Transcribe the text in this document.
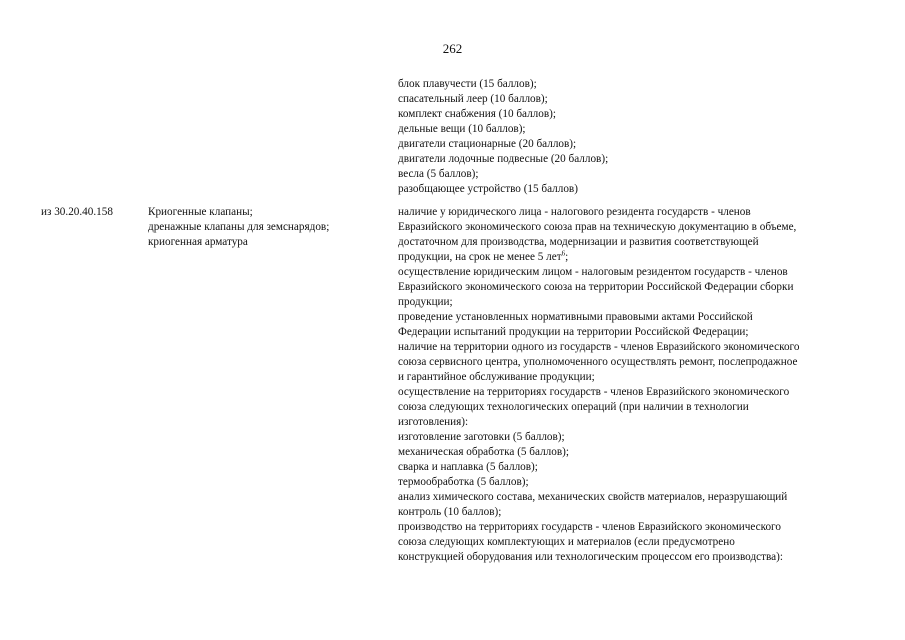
262
блок плавучести (15 баллов);
спасательный леер (10 баллов);
комплект снабжения (10 баллов);
дельные вещи (10 баллов);
двигатели стационарные (20 баллов);
двигатели лодочные подвесные (20 баллов);
весла (5 баллов);
разобщающее устройство (15 баллов)
из 30.20.40.158	Криогенные клапаны;
дренажные клапаны для земснарядов;
криогенная арматура
наличие у юридического лица - налогового резидента государств - членов
Евразийского экономического союза прав на техническую документацию в объеме,
достаточном для производства, модернизации и развития соответствующей
продукции, на срок не менее 5 лет$^6$;
осуществление юридическим лицом - налоговым резидентом государств - членов
Евразийского экономического союза на территории Российской Федерации сборки
продукции;
проведение установленных нормативными правовыми актами Российской
Федерации испытаний продукции на территории Российской Федерации;
наличие на территории одного из государств - членов Евразийского экономического
союза сервисного центра, уполномоченного осуществлять ремонт, послепродажное
и гарантийное обслуживание продукции;
осуществление на территориях государств - членов Евразийского экономического
союза следующих технологических операций (при наличии в технологии
изготовления):
изготовление заготовки (5 баллов);
механическая обработка (5 баллов);
сварка и наплавка (5 баллов);
термообработка (5 баллов);
анализ химического состава, механических свойств материалов, неразрушающий
контроль (10 баллов);
производство на территориях государств - членов Евразийского экономического
союза следующих комплектующих и материалов (если предусмотрено
конструкцией оборудования или технологическим процессом его производства):
